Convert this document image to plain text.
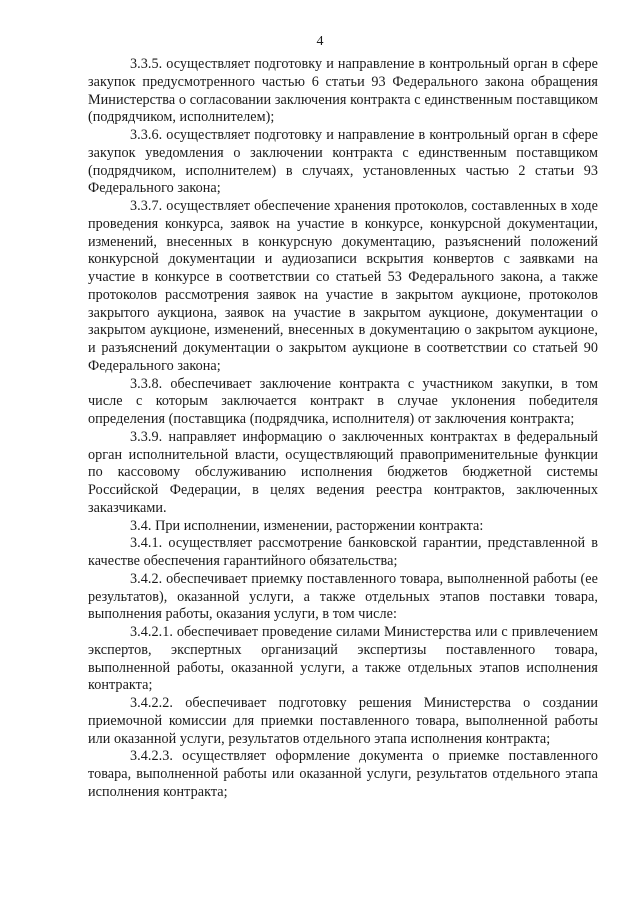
4

3.3.5. осуществляет подготовку и направление в контрольный орган в сфере закупок предусмотренного частью 6 статьи 93 Федерального закона обращения Министерства о согласовании заключения контракта с единственным поставщиком (подрядчиком, исполнителем);

3.3.6. осуществляет подготовку и направление в контрольный орган в сфере закупок уведомления о заключении контракта с единственным поставщиком (подрядчиком, исполнителем) в случаях, установленных частью 2 статьи 93 Федерального закона;

3.3.7. осуществляет обеспечение хранения протоколов, составленных в ходе проведения конкурса, заявок на участие в конкурсе, конкурсной документации, изменений, внесенных в конкурсную документацию, разъяснений положений конкурсной документации и аудиозаписи вскрытия конвертов с заявками на участие в конкурсе в соответствии со статьей 53 Федерального закона, а также протоколов рассмотрения заявок на участие в закрытом аукционе, протоколов закрытого аукциона, заявок на участие в закрытом аукционе, документации о закрытом аукционе, изменений, внесенных в документацию о закрытом аукционе, и разъяснений документации о закрытом аукционе в соответствии со статьей 90 Федерального закона;

3.3.8. обеспечивает заключение контракта с участником закупки, в том числе с которым заключается контракт в случае уклонения победителя определения (поставщика (подрядчика, исполнителя) от заключения контракта;

3.3.9. направляет информацию о заключенных контрактах в федеральный орган исполнительной власти, осуществляющий правоприменительные функции по кассовому обслуживанию исполнения бюджетов бюджетной системы Российской Федерации, в целях ведения реестра контрактов, заключенных заказчиками.

3.4. При исполнении, изменении, расторжении контракта:

3.4.1. осуществляет рассмотрение банковской гарантии, представленной в качестве обеспечения гарантийного обязательства;

3.4.2. обеспечивает приемку поставленного товара, выполненной работы (ее результатов), оказанной услуги, а также отдельных этапов поставки товара, выполнения работы, оказания услуги, в том числе:

3.4.2.1. обеспечивает проведение силами Министерства или с привлечением экспертов, экспертных организаций экспертизы поставленного товара, выполненной работы, оказанной услуги, а также отдельных этапов исполнения контракта;

3.4.2.2. обеспечивает подготовку решения Министерства о создании приемочной комиссии для приемки поставленного товара, выполненной работы или оказанной услуги, результатов отдельного этапа исполнения контракта;

3.4.2.3. осуществляет оформление документа о приемке поставленного товара, выполненной работы или оказанной услуги, результатов отдельного этапа исполнения контракта;
